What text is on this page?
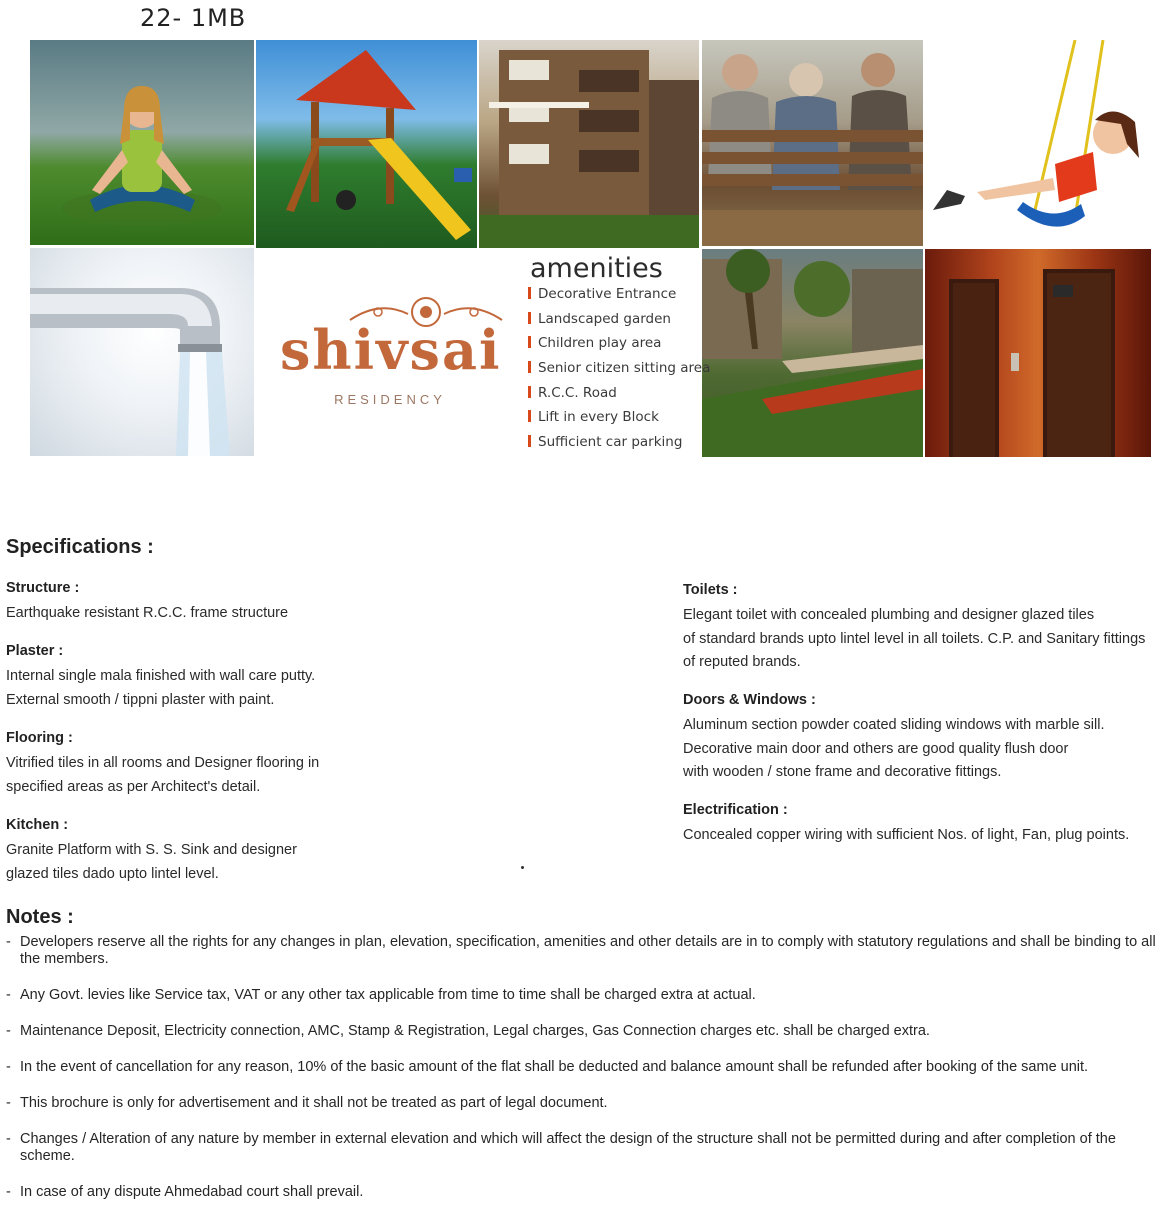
22- 1MB
shivsai
RESIDENCY
amenities
Decorative Entrance
Landscaped garden
Children play area
Senior citizen sitting area
R.C.C. Road
Lift in every Block
Sufficient car parking
Specifications :
Structure :
Earthquake resistant R.C.C. frame structure
Plaster :
Internal single mala finished with wall care putty.
External smooth / tippni plaster with paint.
Flooring :
Vitrified tiles in all rooms and Designer flooring in
specified areas as per Architect's detail.
Kitchen :
Granite Platform with S. S. Sink and designer
glazed tiles dado upto lintel level.
Toilets :
Elegant toilet with concealed plumbing and designer glazed tiles
of standard brands upto lintel level in all toilets. C.P. and Sanitary fittings
of reputed brands.
Doors & Windows :
Aluminum section powder coated sliding windows with marble sill.
Decorative main door and others are good quality flush door
with wooden / stone frame and decorative fittings.
Electrification :
Concealed copper wiring with sufficient Nos. of light, Fan, plug points.
Notes :
- Developers reserve all the rights for any changes in plan, elevation, specification, amenities and other details are in to comply with statutory regulations and shall be binding to all the members.
- Any Govt. levies like Service tax, VAT or any other tax applicable from time to time shall be charged extra at actual.
- Maintenance Deposit, Electricity connection, AMC, Stamp & Registration, Legal charges, Gas Connection charges etc. shall be charged extra.
- In the event of cancellation for any reason, 10% of the basic amount of the flat shall be deducted and balance amount shall be refunded after booking of the same unit.
- This brochure is only for advertisement and it shall not be treated as part of legal document.
- Changes / Alteration of any nature by member in external elevation and which will affect the design of the structure shall not be permitted during and after completion of the scheme.
- In case of any dispute Ahmedabad court shall prevail.
